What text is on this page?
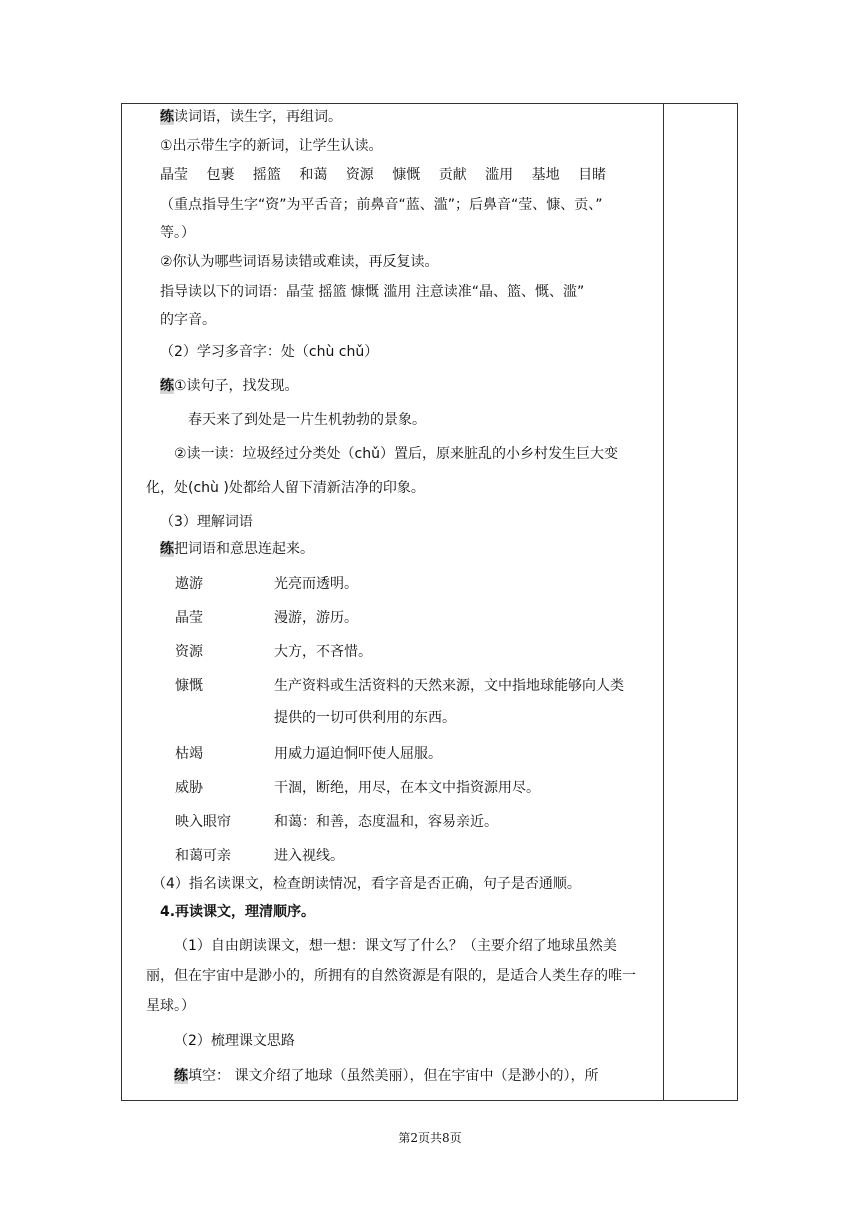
练读词语，读生字，再组词。
①出示带生字的新词，让学生认读。
晶莹 包裹 摇篮 和蔼 资源 慷慨 贡献 滥用 基地 目睹
（重点指导生字“资”为平舌音；前鼻音“蓝、滥”；后鼻音“莹、慷、贡、”
等。）
②你认为哪些词语易读错或难读，再反复读。
指导读以下的词语：晶莹 摇篮 慷慨 滥用 注意读准“晶、篮、慨、滥”
的字音。
（2）学习多音字：处（chù chǔ）
练①读句子，找发现。
春天来了到处是一片生机勃勃的景象。
②读一读：垃圾经过分类处（chǔ）置后，原来脏乱的小乡村发生巨大变
化，处(chù )处都给人留下清新洁净的印象。
（3）理解词语
练把词语和意思连起来。
遨游
晶莹
资源
慷慨
枯竭
威胁
映入眼帘
和蔼可亲
光亮而透明。
漫游，游历。
大方，不吝惜。
生产资料或生活资料的天然来源，文中指地球能够向人类
提供的一切可供利用的东西。
用威力逼迫恫吓使人屈服。
干涸，断绝，用尽，在本文中指资源用尽。
和蔼：和善，态度温和，容易亲近。
进入视线。
（4）指名读课文，检查朗读情况，看字音是否正确，句子是否通顺。
4.再读课文，理清顺序。
（1）自由朗读课文，想一想：课文写了什么？（主要介绍了地球虽然美
丽，但在宇宙中是渺小的，所拥有的自然资源是有限的，是适合人类生存的唯一
星球。）
（2）梳理课文思路
练填空： 课文介绍了地球（虽然美丽），但在宇宙中（是渺小的），所
第2页共8页
